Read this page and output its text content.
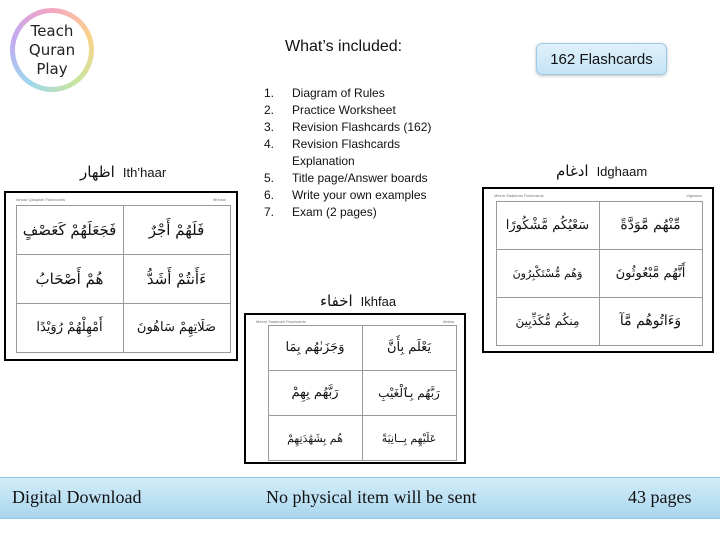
Teach
Quran
Play
What’s included:
1.	Diagram of Rules
2.	Practice Worksheet
3.	Revision Flashcards (162)
4.	Revision Flashcards Explanation
5.	Title page/Answer boards
6.	Write your own examples
7.	Exam (2 pages)
162 Flashcards
اظهار Ith’haar
Idhaar Qalqalah Flashcards	Ith’haar
فَجَعَلَهُمْ كَعَصْفٍ	فَلَهُمْ أَجْرٌ
هُمْ أَصْحَابُ	ءَأَنتُمْ أَشَدُّ
أَمْهِلْهُمْ رُوَيْدًا	صَلَاتِهِمْ سَاهُونَ
ادغام Idghaam
Meem Saakinah Flashcards	Idghaam
سَعْيُكُم مَّشْكُورًا	مِّنْهُم مَّوَدَّةً
وَهُم مُّسْتَكْبِرُونَ	أَنَّهُم مَّبْعُوثُونَ
مِنكُم مُّكَذِّبِينَ	وَءَاتُوهُم مَّآ
اخفاء Ikhfaa
Meem Saakinah Flashcards	Ikhfaa
وَجَزَىٰهُم بِمَا	يَعْلَم بِأَنَّ
رَبَّهُم بِهِمْ	رَبَّهُم بِٱلْغَيْبِ
هُم بِشَهَٰدَتِهِمْ	عَلَيْهِم بِــانِيَةً
Digital Download	No physical item will be sent	43 pages
